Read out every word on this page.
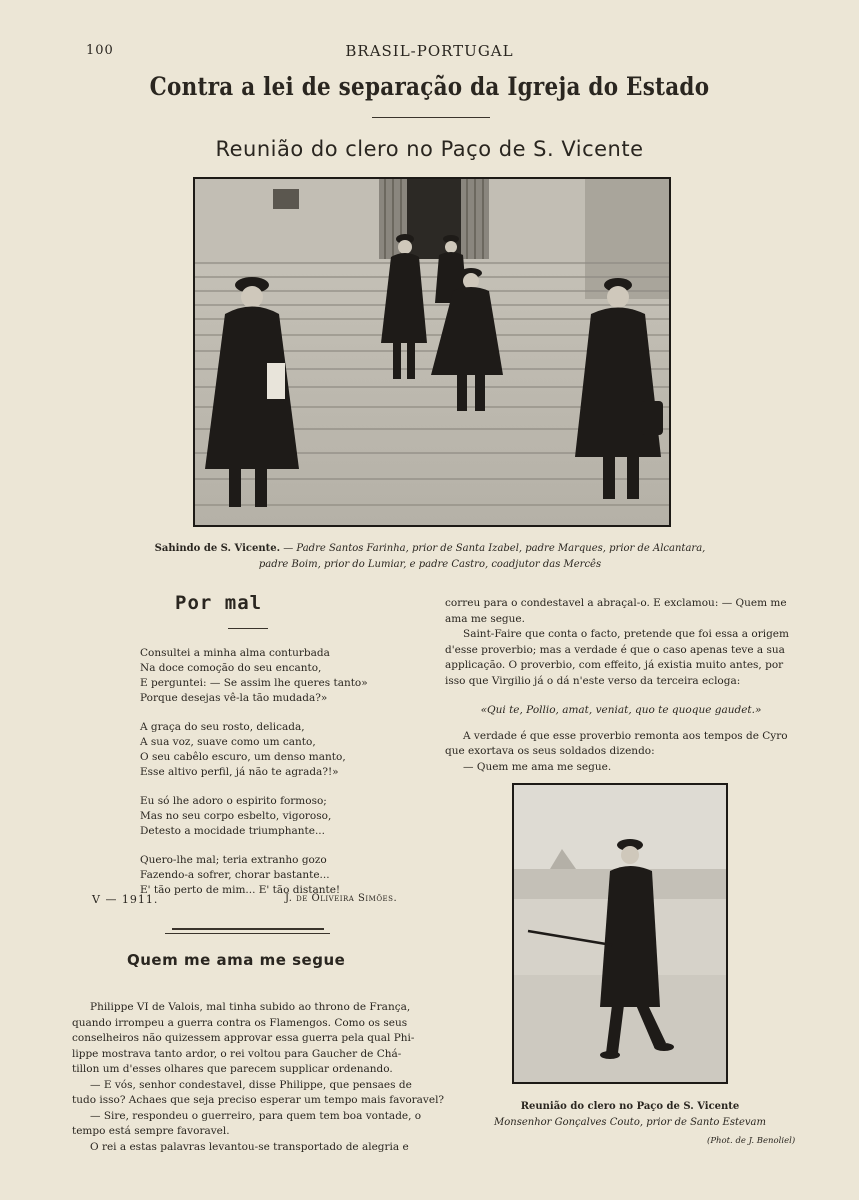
100	BRASIL-PORTUGAL
Contra a lei de separação da Igreja do Estado
Reunião do clero no Paço de S. Vicente
Sahindo de S. Vicente. — Padre Santos Farinha, prior de Santa Izabel, padre Marques, prior de Alcantara,
padre Boim, prior do Lumiar, e padre Castro, coadjutor das Mercês
Por mal
Consultei a minha alma conturbada
Na doce comoção do seu encanto,
E perguntei: — Se assim lhe queres tanto»
Porque desejas vê-la tão mudada?»
A graça do seu rosto, delicada,
A sua voz, suave como um canto,
O seu cabêlo escuro, um denso manto,
Esse altivo perfil, já não te agrada?!»
Eu só lhe adoro o espirito formoso;
Mas no seu corpo esbelto, vigoroso,
Detesto a mocidade triumphante...
Quero-lhe mal; teria extranho gozo
Fazendo-a sofrer, chorar bastante...
E' tão perto de mim... E' tão distante!
V — 1911.	J. de Oliveira Simões.
Quem me ama me segue
Philippe VI de Valois, mal tinha subido ao throno de França,
quando irrompeu a guerra contra os Flamengos. Como os seus
conselheiros não quizessem approvar essa guerra pela qual Phi-
lippe mostrava tanto ardor, o rei voltou para Gaucher de Chá-
tillon um d'esses olhares que parecem supplicar ordenando.
— E vós, senhor condestavel, disse Philippe, que pensaes de
tudo isso? Achaes que seja preciso esperar um tempo mais favoravel?
— Sire, respondeu o guerreiro, para quem tem boa vontade, o
tempo está sempre favoravel.
O rei a estas palavras levantou-se transportado de alegria e
correu para o condestavel a abraçal-o. E exclamou: — Quem me
ama me segue.
Saint-Faire que conta o facto, pretende que foi essa a origem
d'esse proverbio; mas a verdade é que o caso apenas teve a sua
applicação. O proverbio, com effeito, já existia muito antes, por
isso que Virgilio já o dá n'este verso da terceira ecloga:
«Qui te, Pollio, amat, veniat, quo te quoque gaudet.»
A verdade é que esse proverbio remonta aos tempos de Cyro
que exortava os seus soldados dizendo:
— Quem me ama me segue.
Reunião do clero no Paço de S. Vicente
Monsenhor Gonçalves Couto, prior de Santo Estevam
(Phot. de J. Benoliel)
